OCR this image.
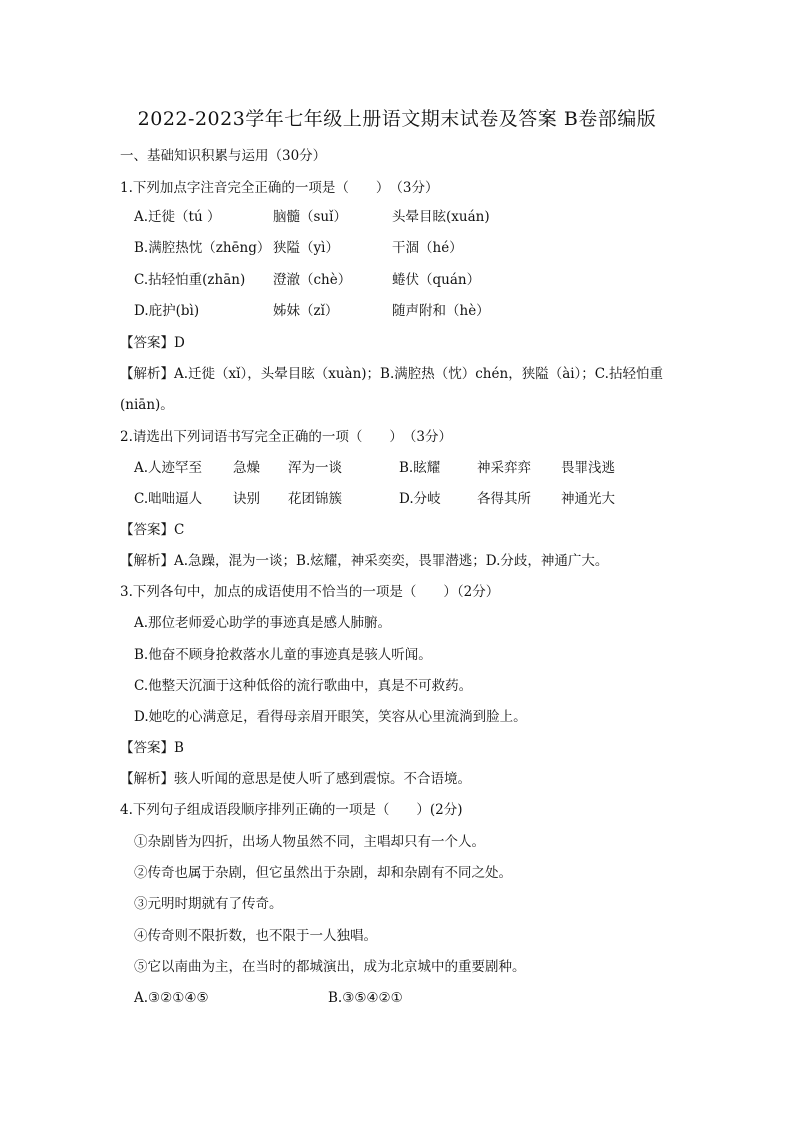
2022-2023学年七年级上册语文期末试卷及答案 B卷部编版
一、基础知识积累与运用（30分）
1.下列加点字注音完全正确的一项是（　　）　（3分）
A.迁徙（tú ）	脑髓（suǐ）	头晕目眩(xuán)
B.满腔热忱（zhēng） 狭隘（yì）	干涸（hé）
C.拈轻怕重(zhān) 澄澈（chè）	蜷伏（quán）
D.庇护(bì)	姊妹（zǐ）	随声附和（hè）
【答案】D
【解析】A.迁徙（xǐ），头晕目眩（xuàn)；B.满腔热（忱）chén，狭隘（ài）；C.拈轻怕重
(niān)。
2.请选出下列词语书写完全正确的一项（　　）　（3分）
A.人迹罕至 急燥 浑为一谈	B.眩耀	神采弈弈 畏罪浅逃
C.咄咄逼人 诀别 花团锦簇	D.分岐	各得其所 神通光大
【答案】C
【解析】A.急躁，混为一谈；B.炫耀，神采奕奕，畏罪潜逃；D.分歧，神通广大。
3.下列各句中，加点的成语使用不恰当的一项是（　　）（2分）
A.那位老师爱心助学的事迹真是感人肺腑。
B.他奋不顾身抢救落水儿童的事迹真是骇人听闻。
C.他整天沉湎于这种低俗的流行歌曲中，真是不可救药。
D.她吃的心满意足，看得母亲眉开眼笑，笑容从心里流淌到脸上。
【答案】B
【解析】骇人听闻的意思是使人听了感到震惊。不合语境。
4.下列句子组成语段顺序排列正确的一项是（　　）(2分)
①杂剧皆为四折，出场人物虽然不同，主唱却只有一个人。
②传奇也属于杂剧，但它虽然出于杂剧，却和杂剧有不同之处。
③元明时期就有了传奇。
④传奇则不限折数，也不限于一人独唱。
⑤它以南曲为主，在当时的都城演出，成为北京城中的重要剧种。
A.③②①④⑤	B.③⑤④②①
